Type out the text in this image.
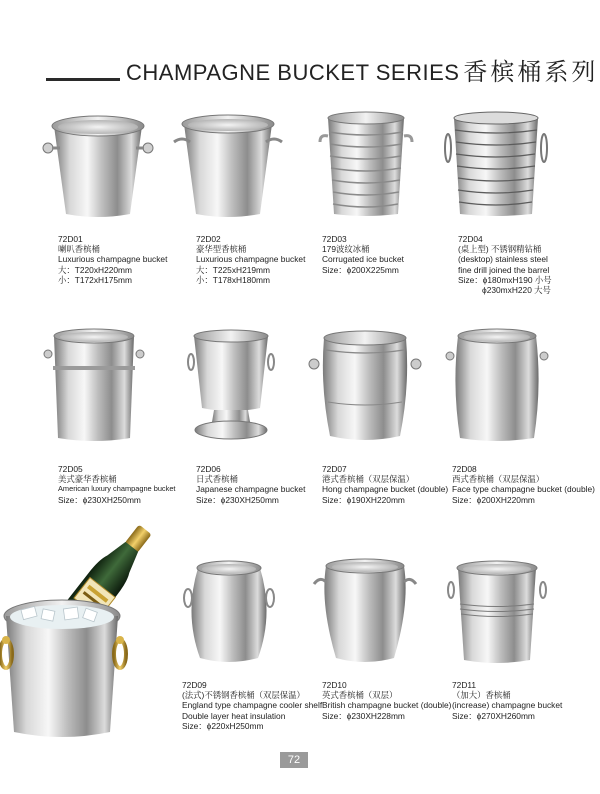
CHAMPAGNE BUCKET SERIES 香槟桶系列
72D01
喇叭香槟桶
Luxurious champagne bucket
大：T220xH220mm
小：T172xH175mm
72D02
豪华型香槟桶
Luxurious champagne bucket
大：T225xH219mm
小：T178xH180mm
72D03
179波纹冰桶
Corrugated ice bucket
Size：ϕ200X225mm
72D04
(桌上型) 不锈钢精钻桶
(desktop) stainless steel
fine drill joined the barrel
Size：ϕ180mxH190 小号
ϕ230mxH220 大号
72D05
美式豪华香槟桶
American luxury champagne bucket
Size：ϕ230XH250mm
72D06
日式香槟桶
Japanese champagne bucket
Size：ϕ230XH250mm
72D07
港式香槟桶（双层保温）
Hong champagne bucket (double)
Size：ϕ190XH220mm
72D08
西式香槟桶（双层保温）
Face type champagne bucket (double)
Size：ϕ200XH220mm
72D09
(法式)不锈钢香槟桶（双层保温）
England type champagne cooler shelf
Double layer heat insulation
Size：ϕ220xH250mm
72D10
英式香槟桶（双层）
British champagne bucket (double)
Size：ϕ230XH228mm
72D11
（加大）香槟桶
(increase) champagne bucket
Size：ϕ270XH260mm
72
